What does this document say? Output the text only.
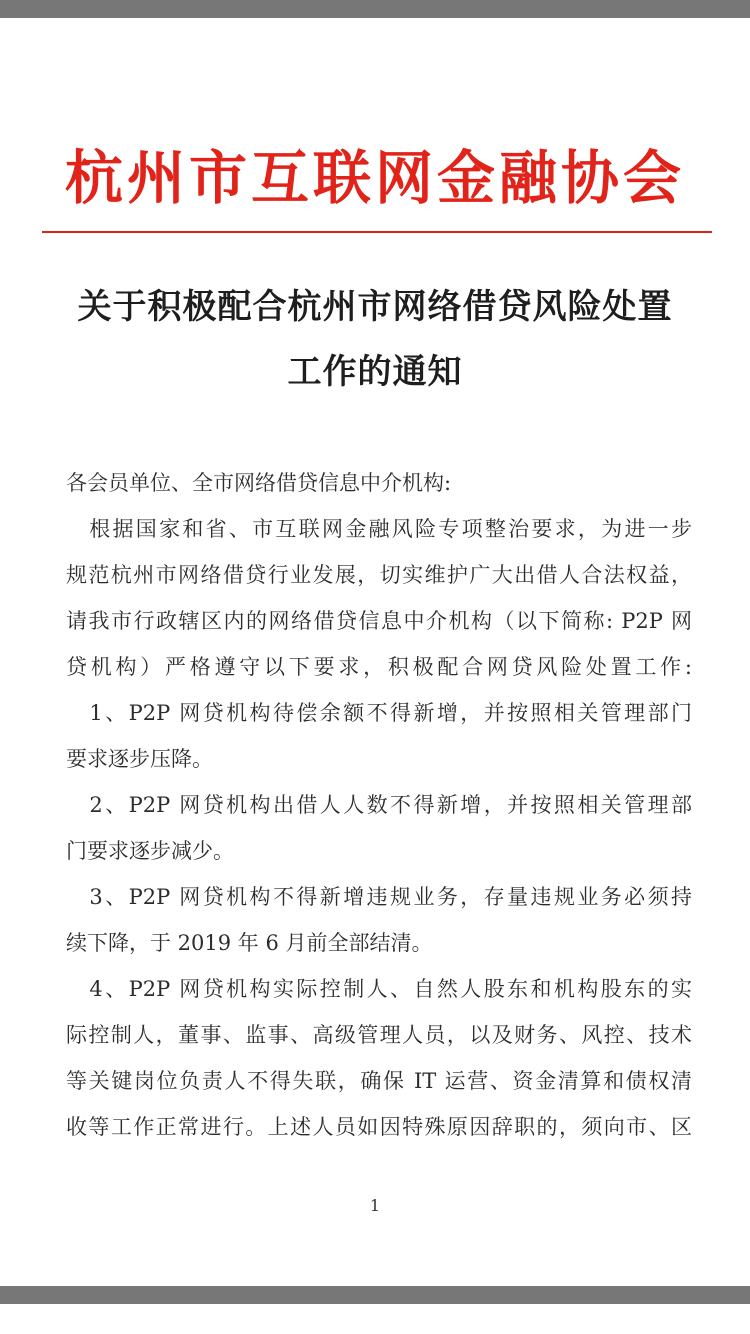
杭州市互联网金融协会
关于积极配合杭州市网络借贷风险处置
工作的通知
各会员单位、全市网络借贷信息中介机构:
　根据国家和省、市互联网金融风险专项整治要求，为进一步
规范杭州市网络借贷行业发展，切实维护广大出借人合法权益，
请我市行政辖区内的网络借贷信息中介机构（以下简称: P2P 网
贷机构）严格遵守以下要求，积极配合网贷风险处置工作:
　1、P2P 网贷机构待偿余额不得新增，并按照相关管理部门
要求逐步压降。
　2、P2P 网贷机构出借人人数不得新增，并按照相关管理部
门要求逐步减少。
　3、P2P 网贷机构不得新增违规业务，存量违规业务必须持
续下降，于 2019 年 6 月前全部结清。
　4、P2P 网贷机构实际控制人、自然人股东和机构股东的实
际控制人，董事、监事、高级管理人员，以及财务、风控、技术
等关键岗位负责人不得失联，确保 IT 运营、资金清算和债权清
收等工作正常进行。上述人员如因特殊原因辞职的，须向市、区
1
